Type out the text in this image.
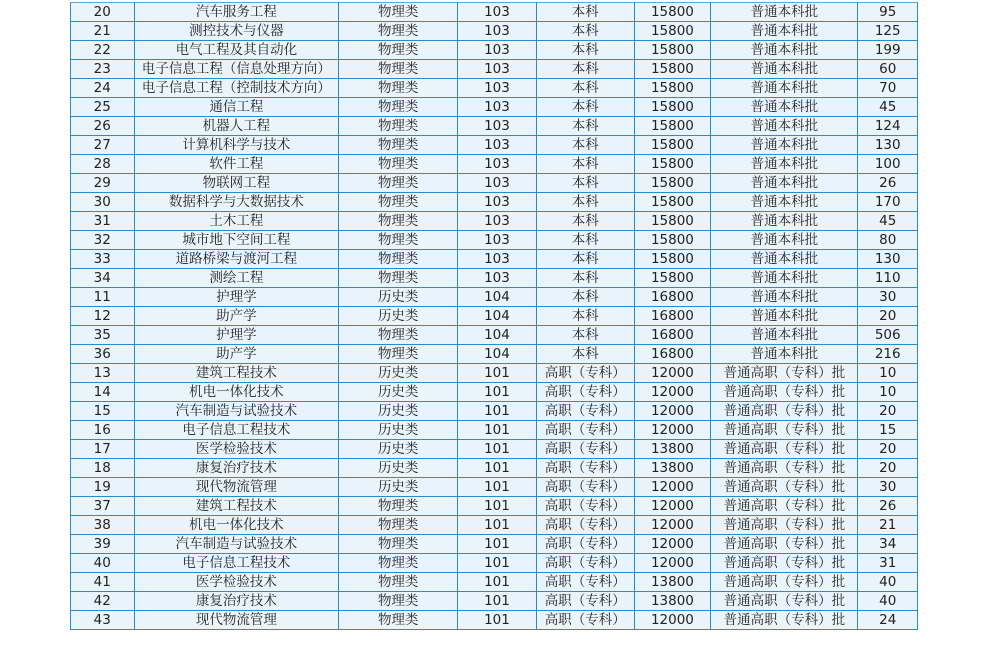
20	汽车服务工程	物理类	103	本科	15800	普通本科批	95
21	测控技术与仪器	物理类	103	本科	15800	普通本科批	125
22	电气工程及其自动化	物理类	103	本科	15800	普通本科批	199
23	电子信息工程（信息处理方向）	物理类	103	本科	15800	普通本科批	60
24	电子信息工程（控制技术方向）	物理类	103	本科	15800	普通本科批	70
25	通信工程	物理类	103	本科	15800	普通本科批	45
26	机器人工程	物理类	103	本科	15800	普通本科批	124
27	计算机科学与技术	物理类	103	本科	15800	普通本科批	130
28	软件工程	物理类	103	本科	15800	普通本科批	100
29	物联网工程	物理类	103	本科	15800	普通本科批	26
30	数据科学与大数据技术	物理类	103	本科	15800	普通本科批	170
31	土木工程	物理类	103	本科	15800	普通本科批	45
32	城市地下空间工程	物理类	103	本科	15800	普通本科批	80
33	道路桥梁与渡河工程	物理类	103	本科	15800	普通本科批	130
34	测绘工程	物理类	103	本科	15800	普通本科批	110
11	护理学	历史类	104	本科	16800	普通本科批	30
12	助产学	历史类	104	本科	16800	普通本科批	20
35	护理学	物理类	104	本科	16800	普通本科批	506
36	助产学	物理类	104	本科	16800	普通本科批	216
13	建筑工程技术	历史类	101	高职（专科）	12000	普通高职（专科）批	10
14	机电一体化技术	历史类	101	高职（专科）	12000	普通高职（专科）批	10
15	汽车制造与试验技术	历史类	101	高职（专科）	12000	普通高职（专科）批	20
16	电子信息工程技术	历史类	101	高职（专科）	12000	普通高职（专科）批	15
17	医学检验技术	历史类	101	高职（专科）	13800	普通高职（专科）批	20
18	康复治疗技术	历史类	101	高职（专科）	13800	普通高职（专科）批	20
19	现代物流管理	历史类	101	高职（专科）	12000	普通高职（专科）批	30
37	建筑工程技术	物理类	101	高职（专科）	12000	普通高职（专科）批	26
38	机电一体化技术	物理类	101	高职（专科）	12000	普通高职（专科）批	21
39	汽车制造与试验技术	物理类	101	高职（专科）	12000	普通高职（专科）批	34
40	电子信息工程技术	物理类	101	高职（专科）	12000	普通高职（专科）批	31
41	医学检验技术	物理类	101	高职（专科）	13800	普通高职（专科）批	40
42	康复治疗技术	物理类	101	高职（专科）	13800	普通高职（专科）批	40
43	现代物流管理	物理类	101	高职（专科）	12000	普通高职（专科）批	24
